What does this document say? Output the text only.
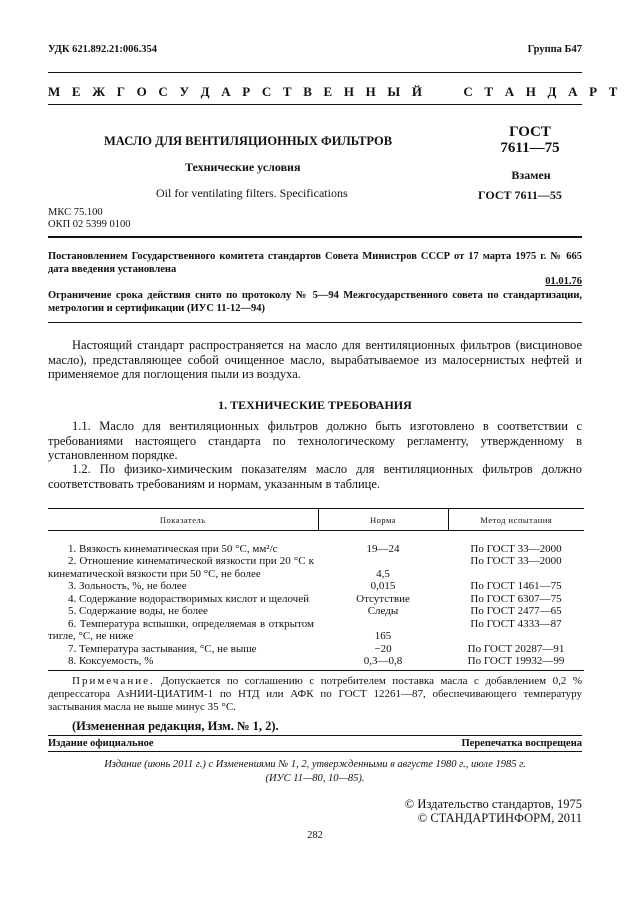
УДК 621.892.21:006.354	Группа Б47
М Е Ж Г О С У Д А Р С Т В Е Н Н Ы Й     С Т А Н Д А Р Т
МАСЛО ДЛЯ ВЕНТИЛЯЦИОННЫХ ФИЛЬТРОВ
Технические условия
Oil for ventilating filters. Specifications
ГОСТ
7611—75
Взамен
ГОСТ 7611—55
МКС 75.100
ОКП 02 5399 0100
Постановлением Государственного комитета стандартов Совета Министров СССР от 17 марта 1975 г. № 665 дата введения установлена
01.01.76
Ограничение срока действия снято по протоколу № 5—94 Межгосударственного совета по стандартизации, метрологии и сертификации (ИУС 11-12—94)
Настоящий стандарт распространяется на масло для вентиляционных фильтров (висциновое масло), представляющее собой очищенное масло, вырабатываемое из малосернистых нефтей и применяемое для поглощения пыли из воздуха.
1. ТЕХНИЧЕСКИЕ ТРЕБОВАНИЯ
1.1. Масло для вентиляционных фильтров должно быть изготовлено в соответствии с требованиями настоящего стандарта по технологическому регламенту, утвержденному в установленном порядке.
1.2. По физико-химическим показателям масло для вентиляционных фильтров должно соответствовать требованиям и нормам, указанным в таблице.
Показатель	Норма	Метод испытания

1. Вязкость кинематическая при 50 °С, мм²/с	19—24	По ГОСТ 33—2000
2. Отношение кинематической вязкости при 20 °С к кинематической вязкости при 50 °С, не более	4,5	По ГОСТ 33—2000
3. Зольность, %, не более	0,015	По ГОСТ 1461—75
4. Содержание водорастворимых кислот и щелочей	Отсутствие	По ГОСТ 6307—75
5. Содержание воды, не более	Следы	По ГОСТ 2477—65
6. Температура вспышки, определяемая в открытом тигле, °С, не ниже	165	По ГОСТ 4333—87
7. Температура застывания, °С, не выше	−20	По ГОСТ 20287—91
8. Коксуемость, %	0,3—0,8	По ГОСТ 19932—99
Примечание. Допускается по соглашению с потребителем поставка масла с добавлением 0,2 % депрессатора АзНИИ-ЦИАТИМ-1 по НТД или АФК по ГОСТ 12261—87, обеспечивающего температуру застывания масла не выше минус 35 °С.
(Измененная редакция, Изм. № 1, 2).
Издание официальное	Перепечатка воспрещена
Издание (июнь 2011 г.) с Изменениями № 1, 2, утвержденными в августе 1980 г., июле 1985 г.
(ИУС 11—80, 10—85).
© Издательство стандартов, 1975
© СТАНДАРТИНФОРМ, 2011
282
